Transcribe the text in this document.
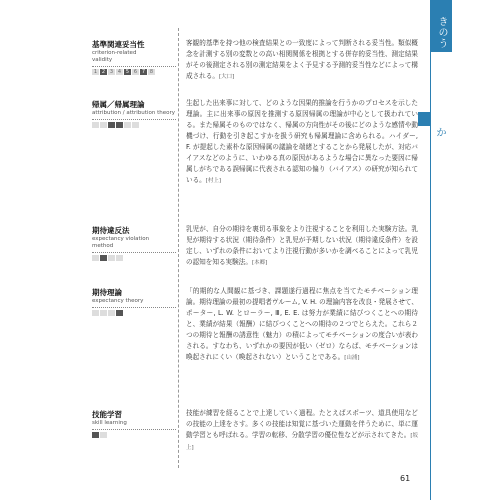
きのうか
か

基準関連妥当性

criterion-related

validity

1 2 3 4 5 6 7 8

客観的基準を持つ他の検査結果との一致度によって判断される妥当性。類似概念を計測する別の変数との高い相関関係を根拠とする併存的妥当性、測定結果がその後測定される別の測定結果をよく予見する予測的妥当性などによって構成される。[大口]

帰属／帰属理論

attribution / attribution theory

生起した出来事に対して、どのような因果的推論を行うかのプロセスを示した理論。主に出来事の原因を推測する原因帰属の理論が中心として扱われている。また帰属そのものではなく、帰属の方向性がその後にどのような感情や動機づけ、行動を引き起こすかを扱う研究も帰属理論に含められる。ハイダー, F. が提起した素朴な原因帰属の議論を端緒とすることから発展したが、対応バイアスなどのように、いわゆる真の原因があるような場合に異なった要因に帰属しがちである誤帰属に代表される認知の偏り（バイアス）の研究が知られている。[村上]

期待違反法

expectancy violation

method

乳児が、自分の期待を裏切る事象をより注視することを利用した実験方法。乳児が期待する状況（期待条件）と乳児が予期しない状況（期待違反条件）を設定し、いずれの条件においてより注視行動が多いかを調べることによって乳児の認知を知る実験法。[本郷]

期待理論

expectancy theory

「的期的な人間観に基づき、課題遂行過程に焦点を当てたモチベーション理論。期待理論の最初の提唱者ヴルーム, V. H. の理論内容を改良・発展させて、ポーター, L. W. とローラー, Ⅲ, E. E. は努力が業績に結びつくことへの期待と、業績が結果（報酬）に結びつくことへの期待の２つでとらえた。これら２つの期待と報酬の誘意性（魅力）の積によってモチベーションの度合いが表わされる。すなわち、いずれかの要因が低い（ゼロ）ならば、モチベーションは喚起されにくい（喚起されない）ということである。[山浦]

技能学習

skill learning

技能が練習を経ることで上達していく過程。たとえばスポーツ、道具使用などの技能の上達をさす。多くの技能は知覚に基づいた運動を伴うために、単に運動学習とも呼ばれる。学習の転移、分散学習の優位性などが示されてきた。[坂上]

61
